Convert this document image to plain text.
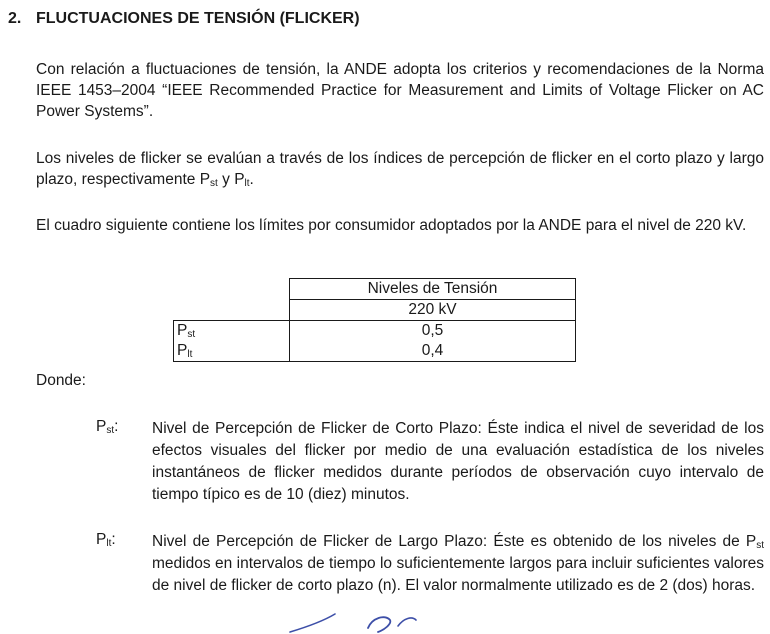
2. FLUCTUACIONES DE TENSIÓN (FLICKER)
Con relación a fluctuaciones de tensión, la ANDE adopta los criterios y recomendaciones de la Norma IEEE 1453–2004 “IEEE Recommended Practice for Measurement and Limits of Voltage Flicker on AC Power Systems”.
Los niveles de flicker se evalúan a través de los índices de percepción de flicker en el corto plazo y largo plazo, respectivamente $P_{st}$ y $P_{lt}$.
El cuadro siguiente contiene los límites por consumidor adoptados por la ANDE para el nivel de 220 kV.
	Niveles de Tensión
	220 kV
$P_{st}$	0,5
$P_{lt}$	0,4
Donde:
$P_{st}$: Nivel de Percepción de Flicker de Corto Plazo: Éste indica el nivel de severidad de los efectos visuales del flicker por medio de una evaluación estadística de los niveles instantáneos de flicker medidos durante períodos de observación cuyo intervalo de tiempo típico es de 10 (diez) minutos.
$P_{lt}$: Nivel de Percepción de Flicker de Largo Plazo: Éste es obtenido de los niveles de $P_{st}$ medidos en intervalos de tiempo lo suficientemente largos para incluir suficientes valores de nivel de flicker de corto plazo (n). El valor normalmente utilizado es de 2 (dos) horas.
